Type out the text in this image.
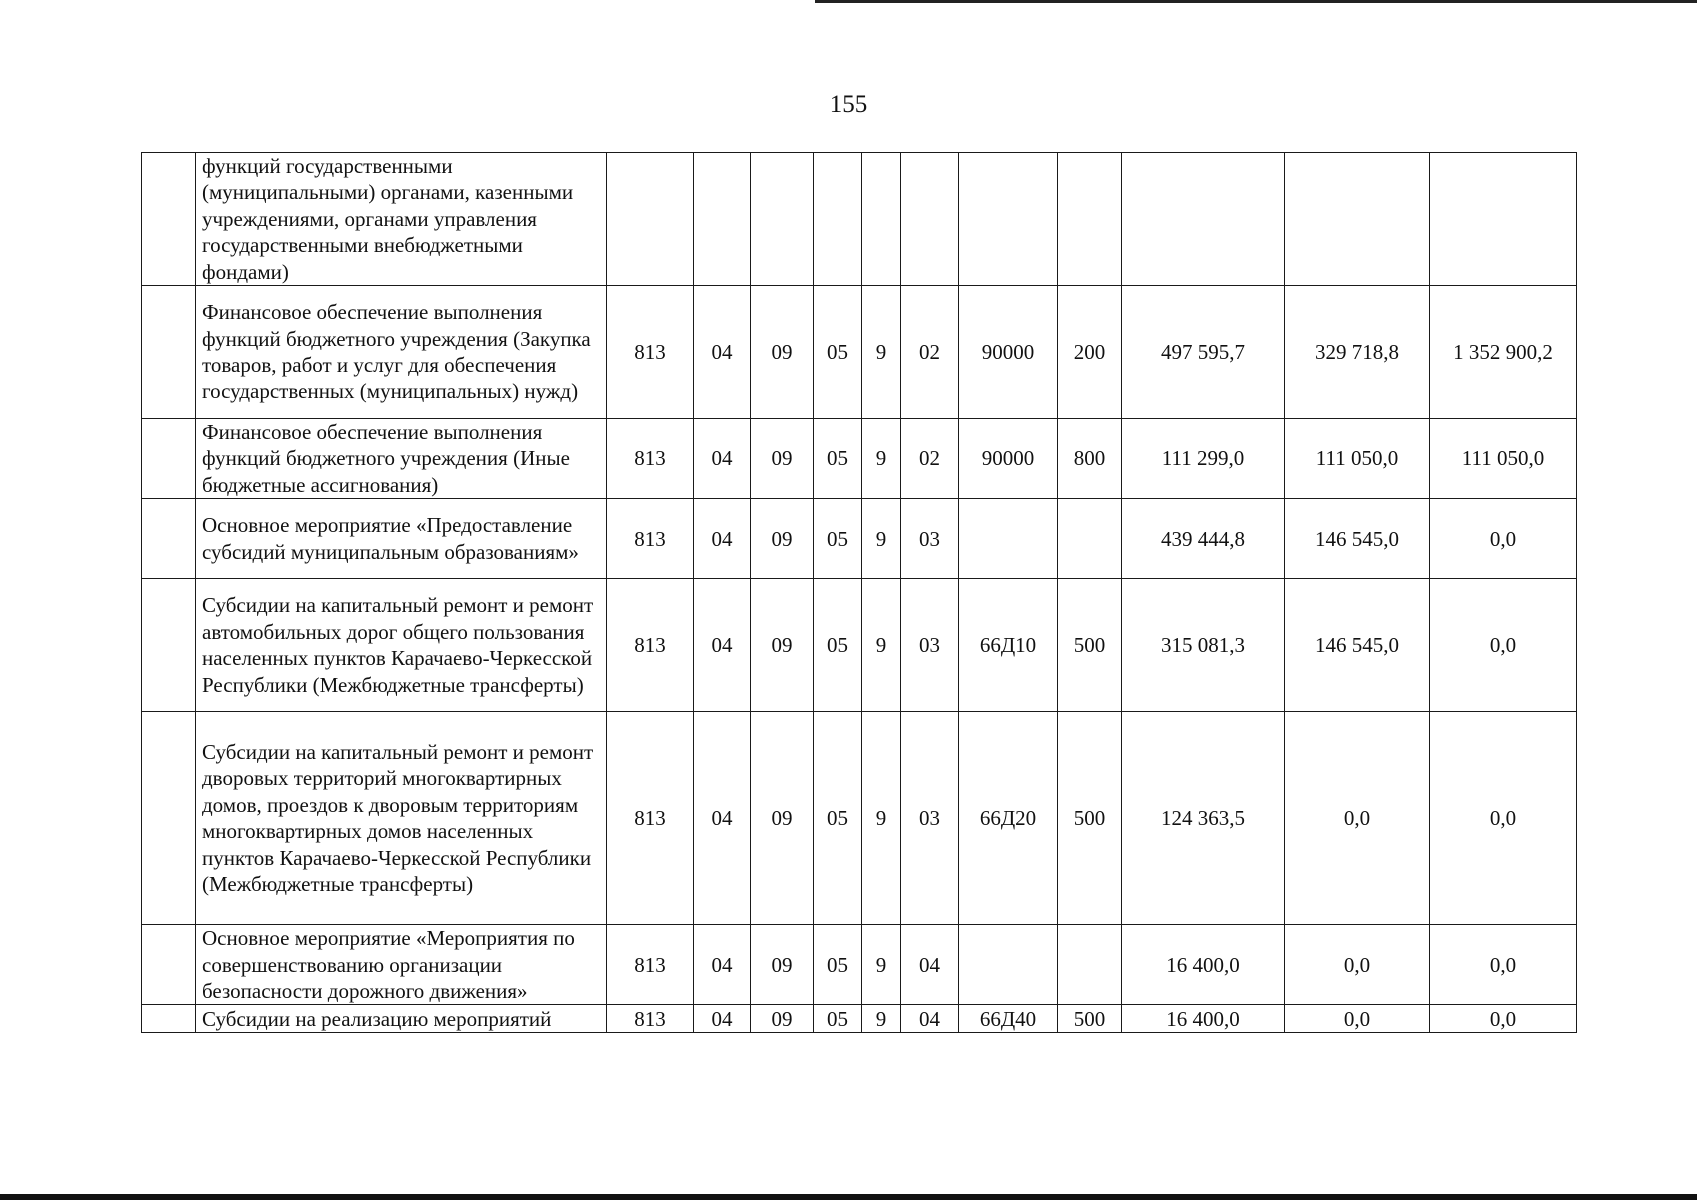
155
	функций государственными (муниципальными) органами, казенными учреждениями, органами управления государственными внебюджетными фондами)											
	Финансовое обеспечение выполнения функций бюджетного учреждения (Закупка товаров, работ и услуг для обеспечения государственных (муниципальных) нужд)	813	04	09	05	9	02	90000	200	497 595,7	329 718,8	1 352 900,2
	Финансовое обеспечение выполнения функций бюджетного учреждения (Иные бюджетные ассигнования)	813	04	09	05	9	02	90000	800	111 299,0	111 050,0	111 050,0
	Основное мероприятие «Предоставление субсидий муниципальным образованиям»	813	04	09	05	9	03			439 444,8	146 545,0	0,0
	Субсидии на капитальный ремонт и ремонт автомобильных дорог общего пользования населенных пунктов Карачаево-Черкесской Республики (Межбюджетные трансферты)	813	04	09	05	9	03	66Д10	500	315 081,3	146 545,0	0,0
	Субсидии на капитальный ремонт и ремонт дворовых территорий многоквартирных домов, проездов к дворовым территориям многоквартирных домов населенных пунктов Карачаево-Черкесской Республики (Межбюджетные трансферты)	813	04	09	05	9	03	66Д20	500	124 363,5	0,0	0,0
	Основное мероприятие «Мероприятия по совершенствованию организации безопасности дорожного движения»	813	04	09	05	9	04			16 400,0	0,0	0,0
	Субсидии на реализацию мероприятий	813	04	09	05	9	04	66Д40	500	16 400,0	0,0	0,0
